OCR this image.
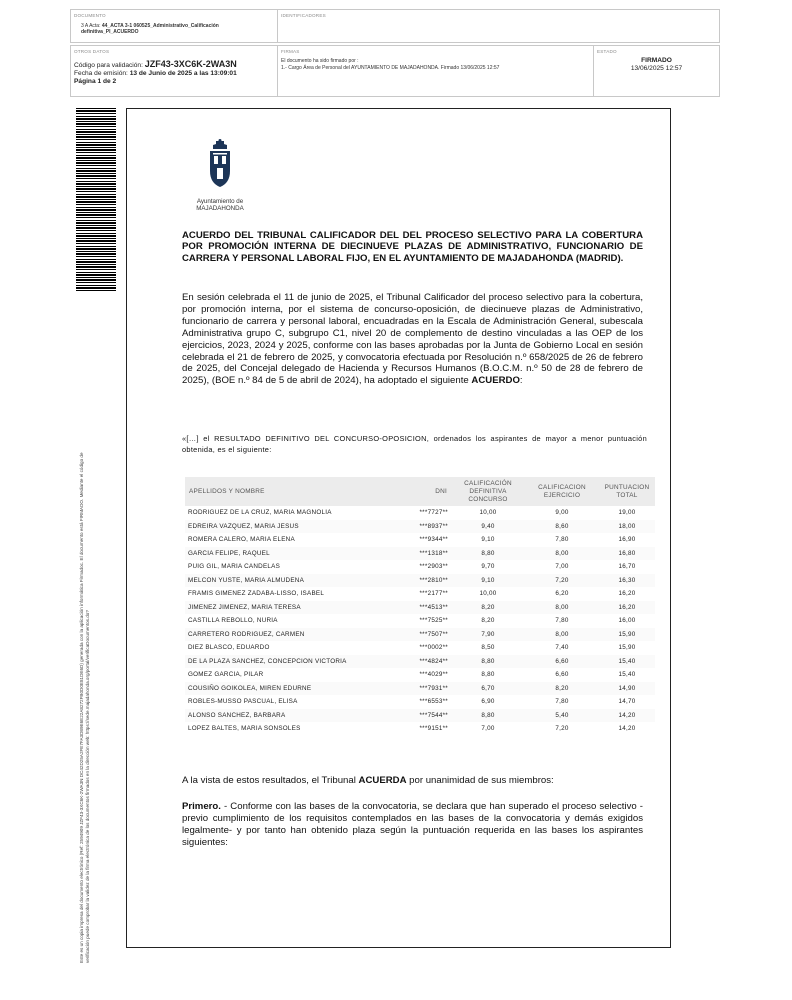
DOCUMENTO
3 A Acta: 44_ACTA 3-1 060525_Administrativo_Calificación
definitiva_PI_ACUERDO
IDENTIFICADORES
OTROS DATOS
Código para validación: JZF43-3XC6K-2WA3N
Fecha de emisión: 13 de Junio de 2025 a las 13:09:01
Página 1 de 2
FIRMAS
El documento ha sido firmado por :
1.- Cargo Área de Personal del AYUNTAMIENTO DE MAJADAHONDA. Firmado 13/06/2025 12:57
ESTADO
FIRMADO
13/06/2025 12:57
Este es un copia impresa del documento electrónico (Ref: 2594909 JZF43-3XC6K-2WA3N DC42D25A2FE7FA3D89E6E22A8272FB0D0E81DE6D) generada con la aplicación informática Firmadoc. El documento está FIRMADO. Mediante el código de verificación puede comprobar la validez de la firma electrónica de los documentos firmados en la dirección web: https://sede.majadahonda.org/portal/verificaDocumentos.do?
Ayuntamiento de
MAJADAHONDA
ACUERDO DEL TRIBUNAL CALIFICADOR DEL DEL PROCESO SELECTIVO PARA LA COBERTURA POR PROMOCIÓN INTERNA DE DIECINUEVE PLAZAS DE ADMINISTRATIVO, FUNCIONARIO DE CARRERA Y PERSONAL LABORAL FIJO, EN EL AYUNTAMIENTO DE MAJADAHONDA (MADRID).
En sesión celebrada el 11 de junio de 2025, el Tribunal Calificador del proceso selectivo para la cobertura, por promoción interna, por el sistema de concurso-oposición, de diecinueve plazas de Administrativo, funcionario de carrera y personal laboral, encuadradas en la Escala de Administración General, subescala Administrativa grupo C, subgrupo C1, nivel 20 de complemento de destino vinculadas a las OEP de los ejercicios, 2023, 2024 y 2025, conforme con las bases aprobadas por la Junta de Gobierno Local en sesión celebrada el 21 de febrero de 2025, y convocatoria efectuada por Resolución n.º 658/2025 de 26 de febrero de 2025, del Concejal delegado de Hacienda y Recursos Humanos (B.O.C.M. n.º 50 de 28 de febrero de 2025), (BOE n.º 84 de 5 de abril de 2024), ha adoptado el siguiente ACUERDO:
«[…] el RESULTADO DEFINITIVO DEL CONCURSO-OPOSICION, ordenados los aspirantes de mayor a menor puntuación obtenida, es el siguiente:
APELLIDOS Y NOMBRE	DNI	CALIFICACIÓN DEFINITIVA CONCURSO	CALIFICACION EJERCICIO	PUNTUACION TOTAL
RODRIGUEZ DE LA CRUZ, MARIA MAGNOLIA	***7727**	10,00	9,00	19,00
EDREIRA VAZQUEZ, MARIA JESUS	***8937**	9,40	8,60	18,00
ROMERA CALERO, MARIA ELENA	***9344**	9,10	7,80	16,90
GARCIA FELIPE, RAQUEL	***1318**	8,80	8,00	16,80
PUIG GIL, MARIA CANDELAS	***2903**	9,70	7,00	16,70
MELCON YUSTE, MARIA ALMUDENA	***2810**	9,10	7,20	16,30
FRAMIS GIMENEZ ZADABA-LISSO, ISABEL	***2177**	10,00	6,20	16,20
JIMENEZ JIMENEZ, MARIA TERESA	***4513**	8,20	8,00	16,20
CASTILLA REBOLLO, NURIA	***7525**	8,20	7,80	16,00
CARRETERO RODRIGUEZ, CARMEN	***7507**	7,90	8,00	15,90
DIEZ BLASCO, EDUARDO	***0002**	8,50	7,40	15,90
DE LA PLAZA SANCHEZ, CONCEPCION VICTORIA	***4824**	8,80	6,60	15,40
GOMEZ GARCIA, PILAR	***4029**	8,80	6,60	15,40
COUSIÑO GOIKOLEA, MIREN EDURNE	***7931**	6,70	8,20	14,90
ROBLES-MUSSO PASCUAL, ELISA	***6553**	6,90	7,80	14,70
ALONSO SANCHEZ, BARBARA	***7544**	8,80	5,40	14,20
LOPEZ BALTES, MARIA SONSOLES	***9151**	7,00	7,20	14,20
A la vista de estos resultados, el Tribunal ACUERDA por unanimidad de sus miembros:
Primero. - Conforme con las bases de la convocatoria, se declara que han superado el proceso selectivo -previo cumplimiento de los requisitos contemplados en las bases de la convocatoria y demás exigidos legalmente- y por tanto han obtenido plaza según la puntuación requerida en las bases los aspirantes siguientes:
